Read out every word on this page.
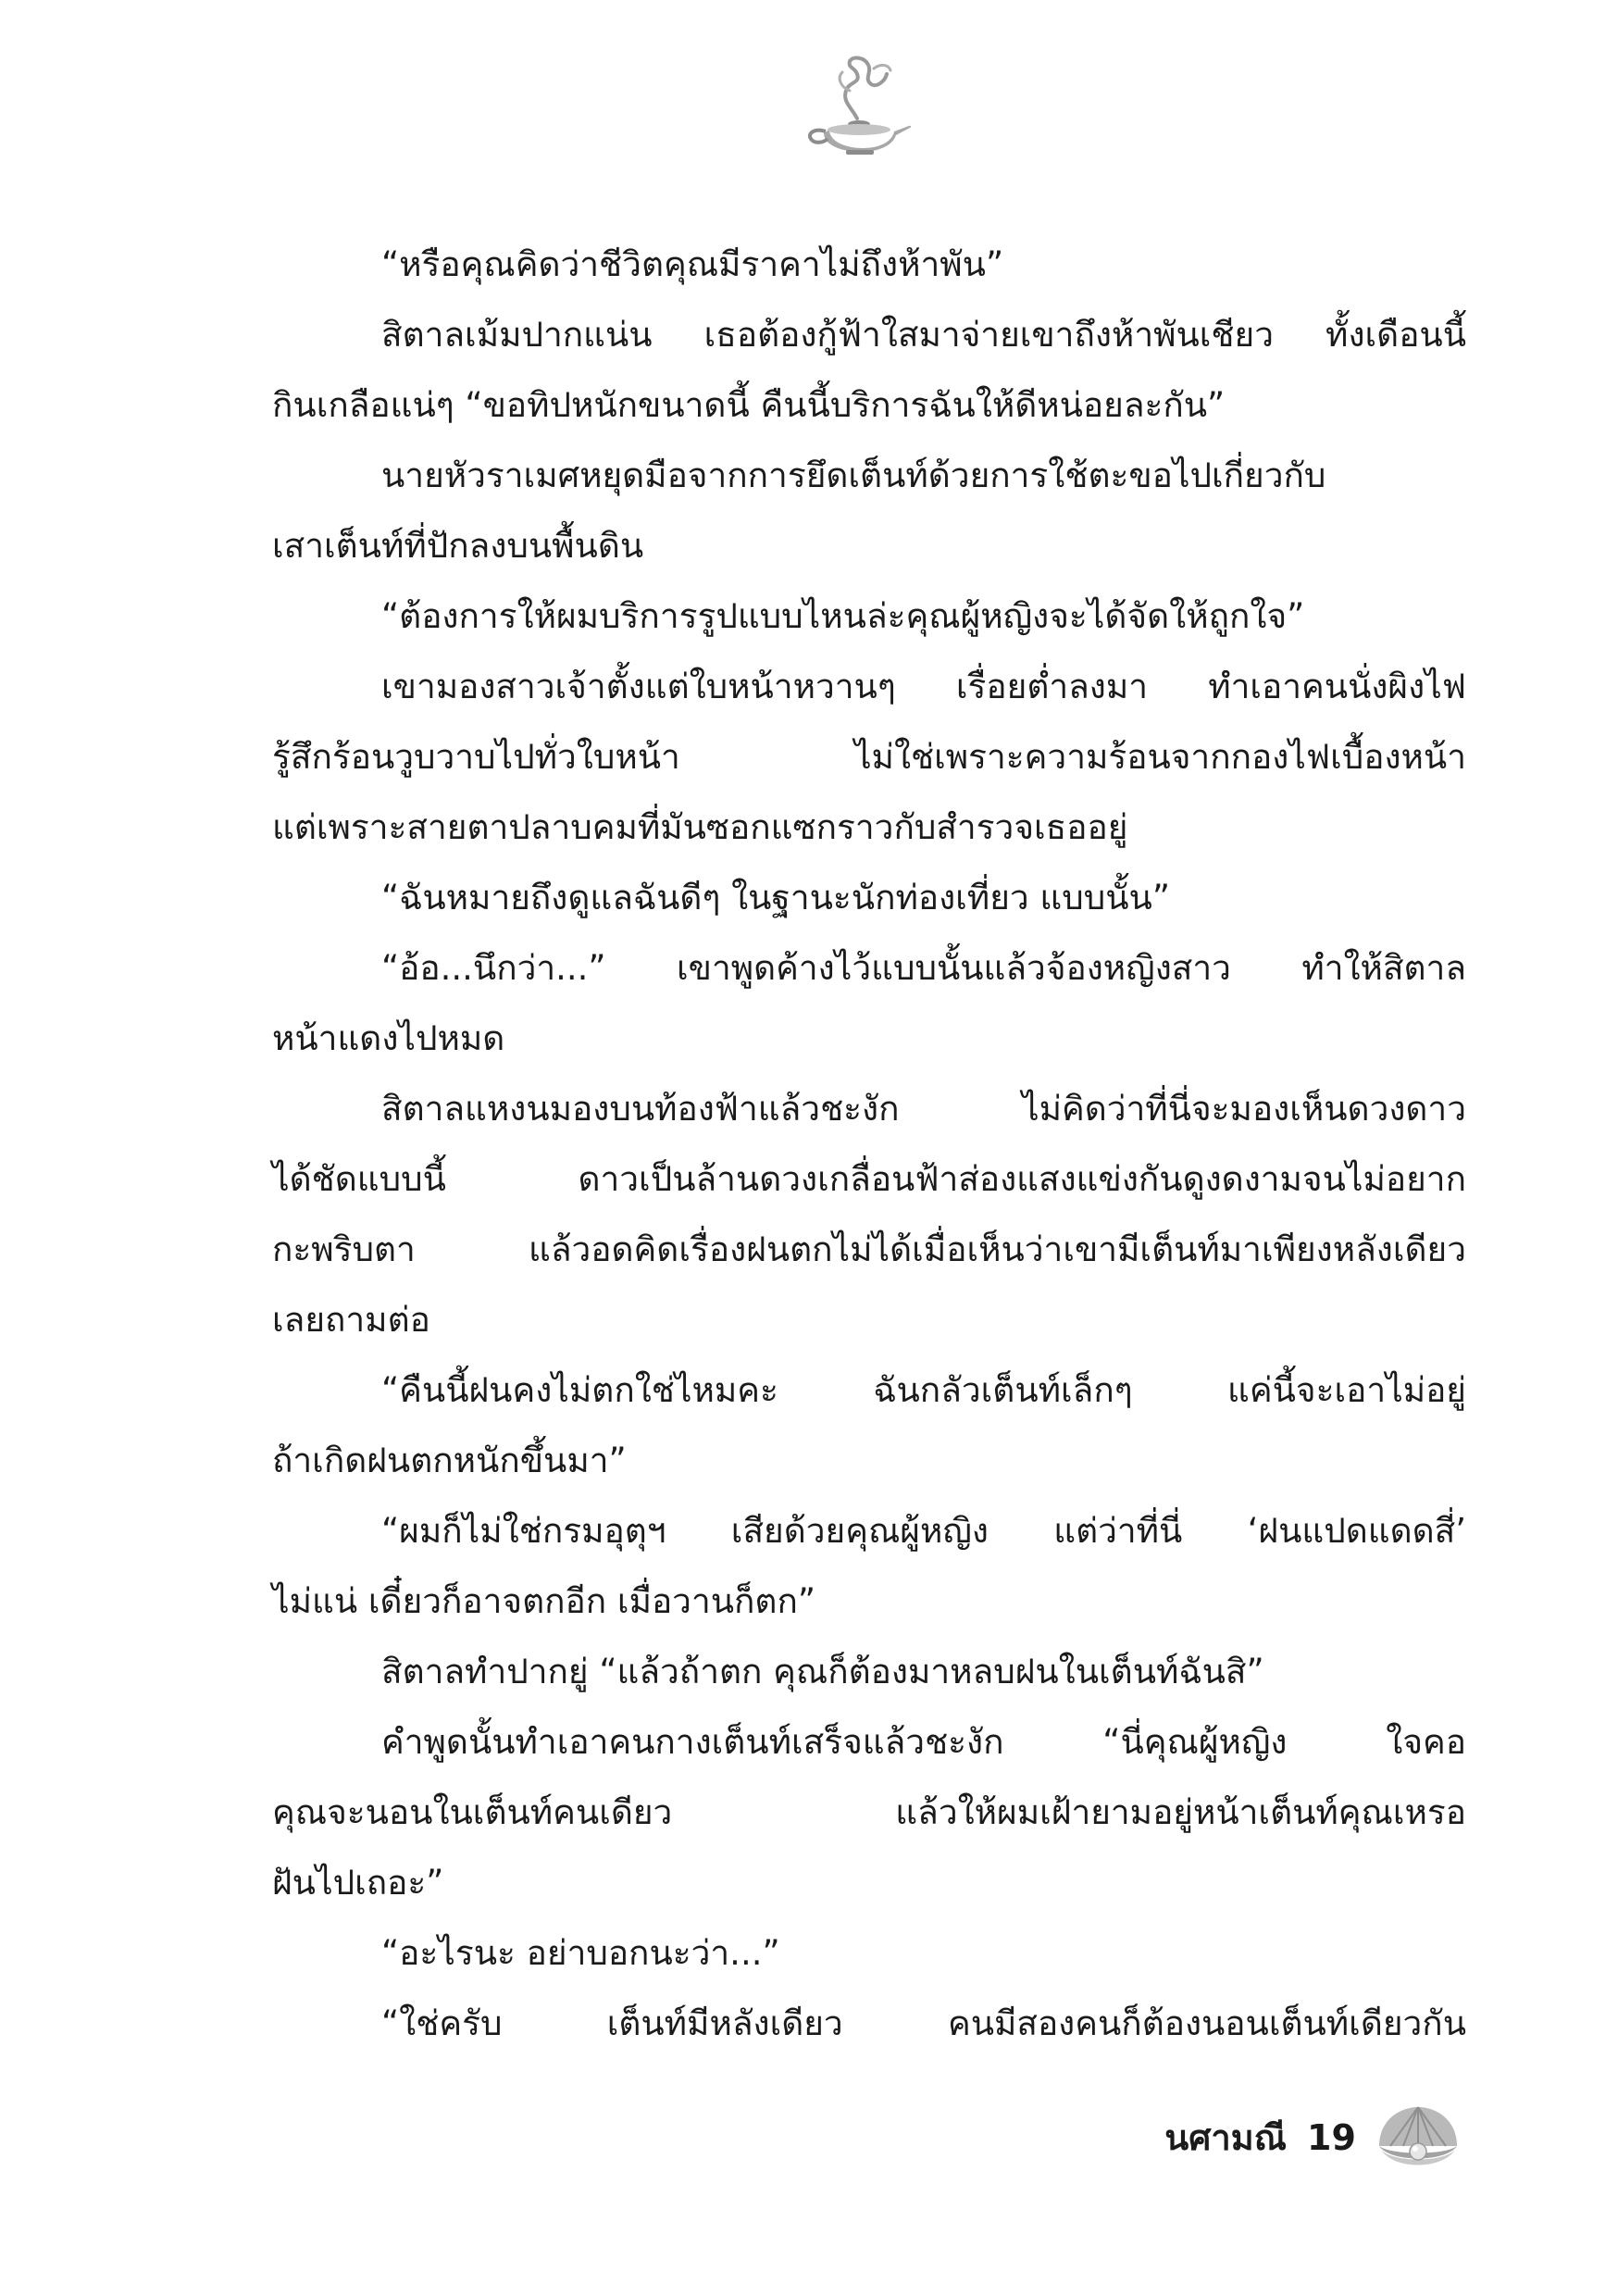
“หรือคุณคิดว่าชีวิตคุณมีราคาไม่ถึงห้าพัน”
สิตาลเม้มปากแน่น เธอต้องกู้ฟ้าใสมาจ่ายเขาถึงห้าพันเชียว ทั้งเดือนนี้
กินเกลือแน่ๆ “ขอทิปหนักขนาดนี้ คืนนี้บริการฉันให้ดีหน่อยละกัน”
นายหัวราเมศหยุดมือจากการยึดเต็นท์ด้วยการใช้ตะขอไปเกี่ยวกับ
เสาเต็นท์ที่ปักลงบนพื้นดิน
“ต้องการให้ผมบริการรูปแบบไหนล่ะคุณผู้หญิงจะได้จัดให้ถูกใจ”
เขามองสาวเจ้าตั้งแต่ใบหน้าหวานๆ เรื่อยต่ำลงมา ทำเอาคนนั่งผิงไฟ
รู้สึกร้อนวูบวาบไปทั่วใบหน้า ไม่ใช่เพราะความร้อนจากกองไฟเบื้องหน้า
แต่เพราะสายตาปลาบคมที่มันซอกแซกราวกับสำรวจเธออยู่
“ฉันหมายถึงดูแลฉันดีๆ ในฐานะนักท่องเที่ยว แบบนั้น”
“อ้อ...นึกว่า...” เขาพูดค้างไว้แบบนั้นแล้วจ้องหญิงสาว ทำให้สิตาล
หน้าแดงไปหมด
สิตาลแหงนมองบนท้องฟ้าแล้วชะงัก ไม่คิดว่าที่นี่จะมองเห็นดวงดาว
ได้ชัดแบบนี้ ดาวเป็นล้านดวงเกลื่อนฟ้าส่องแสงแข่งกันดูงดงามจนไม่อยาก
กะพริบตา แล้วอดคิดเรื่องฝนตกไม่ได้เมื่อเห็นว่าเขามีเต็นท์มาเพียงหลังเดียว
เลยถามต่อ
“คืนนี้ฝนคงไม่ตกใช่ไหมคะ ฉันกลัวเต็นท์เล็กๆ แค่นี้จะเอาไม่อยู่
ถ้าเกิดฝนตกหนักขึ้นมา”
“ผมก็ไม่ใช่กรมอุตุฯ เสียด้วยคุณผู้หญิง แต่ว่าที่นี่ ‘ฝนแปดแดดสี่’
ไม่แน่ เดี๋ยวก็อาจตกอีก เมื่อวานก็ตก”
สิตาลทำปากยู่ “แล้วถ้าตก คุณก็ต้องมาหลบฝนในเต็นท์ฉันสิ”
คำพูดนั้นทำเอาคนกางเต็นท์เสร็จแล้วชะงัก “นี่คุณผู้หญิง ใจคอ
คุณจะนอนในเต็นท์คนเดียว แล้วให้ผมเฝ้ายามอยู่หน้าเต็นท์คุณเหรอ
ฝันไปเถอะ”
“อะไรนะ อย่าบอกนะว่า...”
“ใช่ครับ เต็นท์มีหลังเดียว คนมีสองคนก็ต้องนอนเต็นท์เดียวกัน
นศามณี 19
